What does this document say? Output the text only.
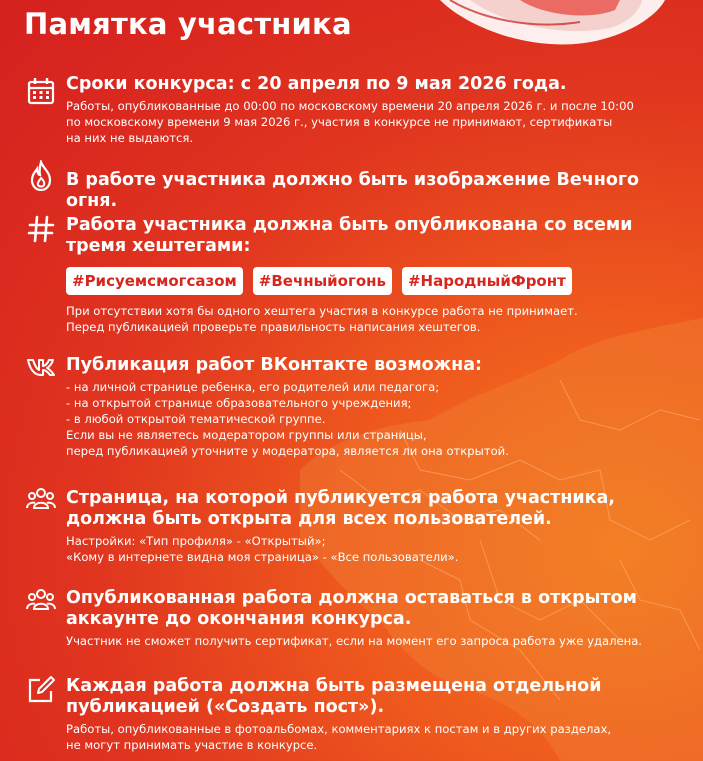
Памятка участника

Сроки конкурса: с 20 апреля по 9 мая 2026 года.

Работы, опубликованные до 00:00 по московскому времени 20 апреля 2026 г. и после 10:00
по московскому времени 9 мая 2026 г., участия в конкурсе не принимают, сертификаты
на них не выдаются.

В работе участника должно быть изображение Вечного огня.

Работа участника должна быть опубликована со всеми
тремя хештегами:

#Рисуемсмогсазом	#Вечныйогонь	#НародныйФронт

При отсутствии хотя бы одного хештега участия в конкурсе работа не принимает.
Перед публикацией проверьте правильность написания хештегов.

Публикация работ ВКонтакте возможна:

- на личной странице ребенка, его родителей или педагога;
- на открытой странице образовательного учреждения;
- в любой открытой тематической группе.
Если вы не являетесь модератором группы или страницы,
перед публикацией уточните у модератора, является ли она открытой.

Страница, на которой публикуется работа участника,
должна быть открыта для всех пользователей.

Настройки: «Тип профиля» - «Открытый»;
«Кому в интернете видна моя страница» - «Все пользователи».

Опубликованная работа должна оставаться в открытом
аккаунте до окончания конкурса.

Участник не сможет получить сертификат, если на момент его запроса работа уже удалена.

Каждая работа должна быть размещена отдельной
публикацией («Создать пост»).

Работы, опубликованные в фотоальбомах, комментариях к постам и в других разделах,
не могут принимать участие в конкурсе.
